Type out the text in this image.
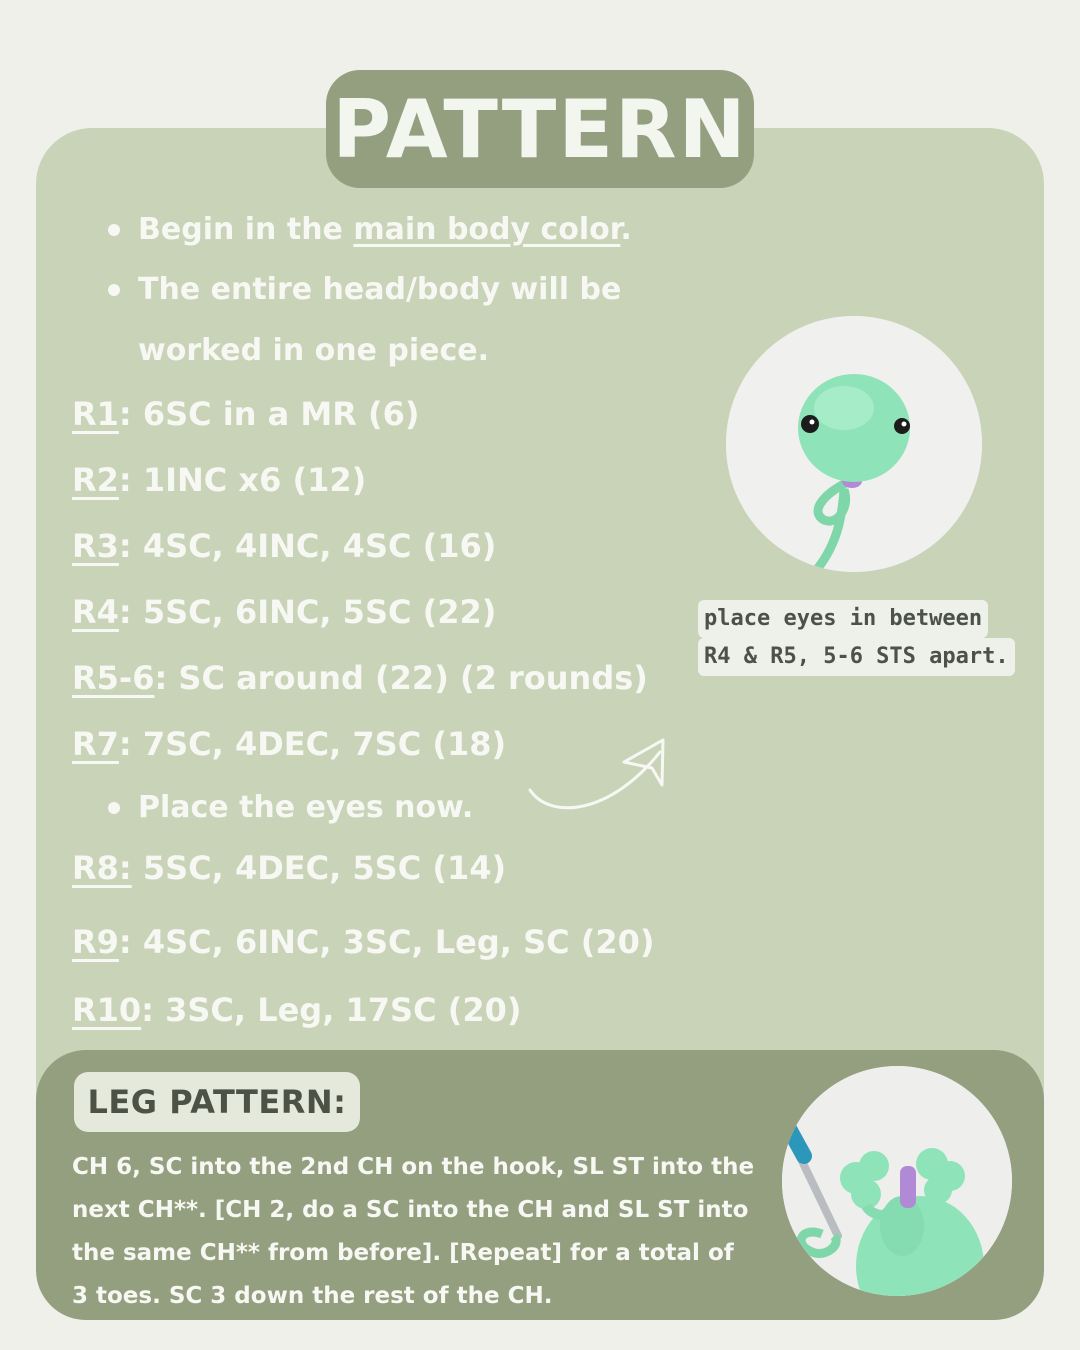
PATTERN
Begin in the main body color.
The entire head/body will be
worked in one piece.
R1: 6SC in a MR (6)
R2: 1INC x6 (12)
R3: 4SC, 4INC, 4SC (16)
R4: 5SC, 6INC, 5SC (22)
R5-6: SC around (22) (2 rounds)
R7: 7SC, 4DEC, 7SC (18)
Place the eyes now.
R8: 5SC, 4DEC, 5SC (14)
R9: 4SC, 6INC, 3SC, Leg, SC (20)
R10: 3SC, Leg, 17SC (20)
place eyes in between
R4 & R5, 5-6 STS apart.
LEG PATTERN:
CH 6, SC into the 2nd CH on the hook, SL ST into the
next CH**. [CH 2, do a SC into the CH and SL ST into
the same CH** from before]. [Repeat] for a total of
3 toes. SC 3 down the rest of the CH.
